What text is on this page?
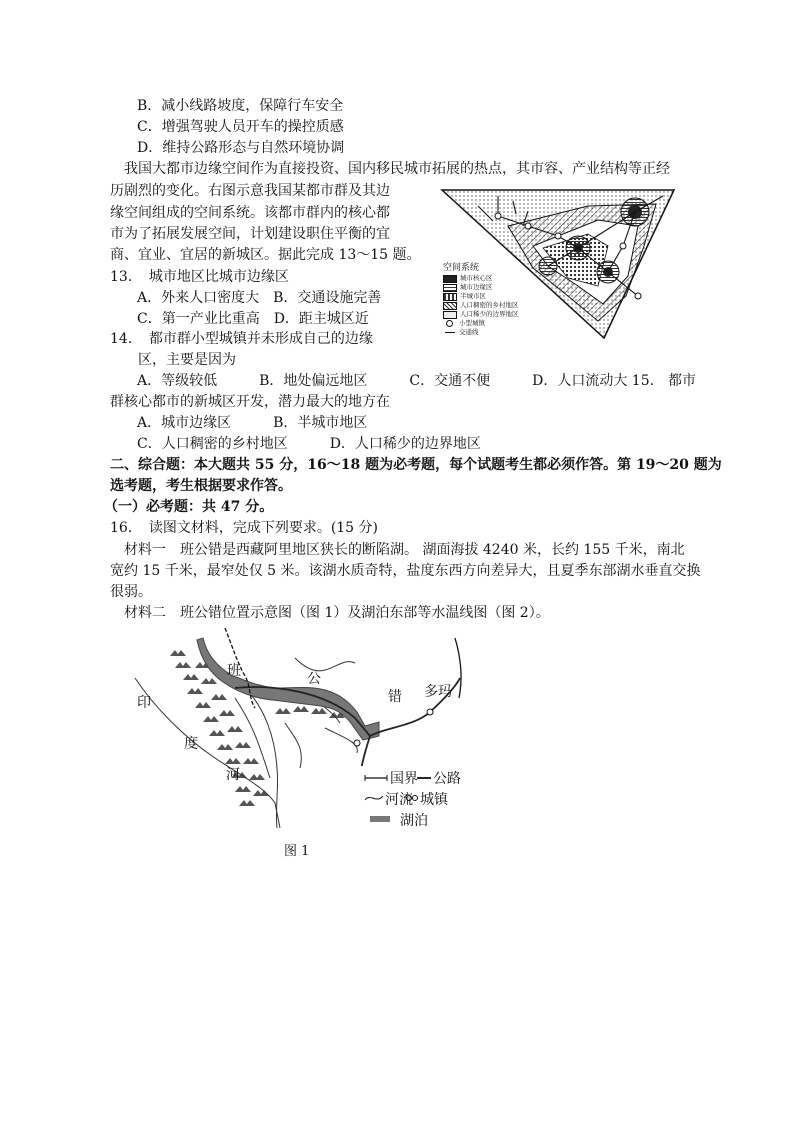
B．减小线路坡度，保障行车安全
C．增强驾驶人员开车的操控质感
D．维持公路形态与自然环境协调
我国大都市边缘空间作为直接投资、国内移民城市拓展的热点，其市容、产业结构等正经
历剧烈的变化。右图示意我国某都市群及其边
缘空间组成的空间系统。该都市群内的核心都
市为了拓展发展空间，计划建设职住平衡的宜
商、宜业、宜居的新城区。据此完成 13～15 题。
13．　城市地区比城市边缘区
A．外来人口密度大　B．交通设施完善
C．第一产业比重高　D．距主城区近
14．　都市群小型城镇并未形成自己的边缘
区，主要是因为
A．等级较低　　　B．地处偏远地区　　　C．交通不便　　　D．人口流动大 15.　都市
群核心都市的新城区开发，潜力最大的地方在
A．城市边缘区　　　B．半城市地区
C．人口稠密的乡村地区　　　D．人口稀少的边界地区
二、综合题：本大题共 55 分，16～18 题为必考题，每个试题考生都必须作答。第 19～20 题为
选考题，考生根据要求作答。
（一）必考题：共 47 分。
16．　读图文材料，完成下列要求。(15 分)
材料一　班公错是西藏阿里地区狭长的断陷湖。 湖面海拔 4240 米，长约 155 千米，南北
宽约 15 千米，最窄处仅 5 米。该湖水质奇特，盐度东西方向差异大，且夏季东部湖水垂直交换
很弱。
材料二　班公错位置示意图（图 1）及湖泊东部等水温线图（图 2）。
空间系统
城市核心区
城市边缘区
半城市区
人口稠密的乡村地区
人口稀少的边界地区
小型城镇
交通线
班	公
错 多玛
印
度
河	国界 公路
河流 城镇
湖泊
图 1
